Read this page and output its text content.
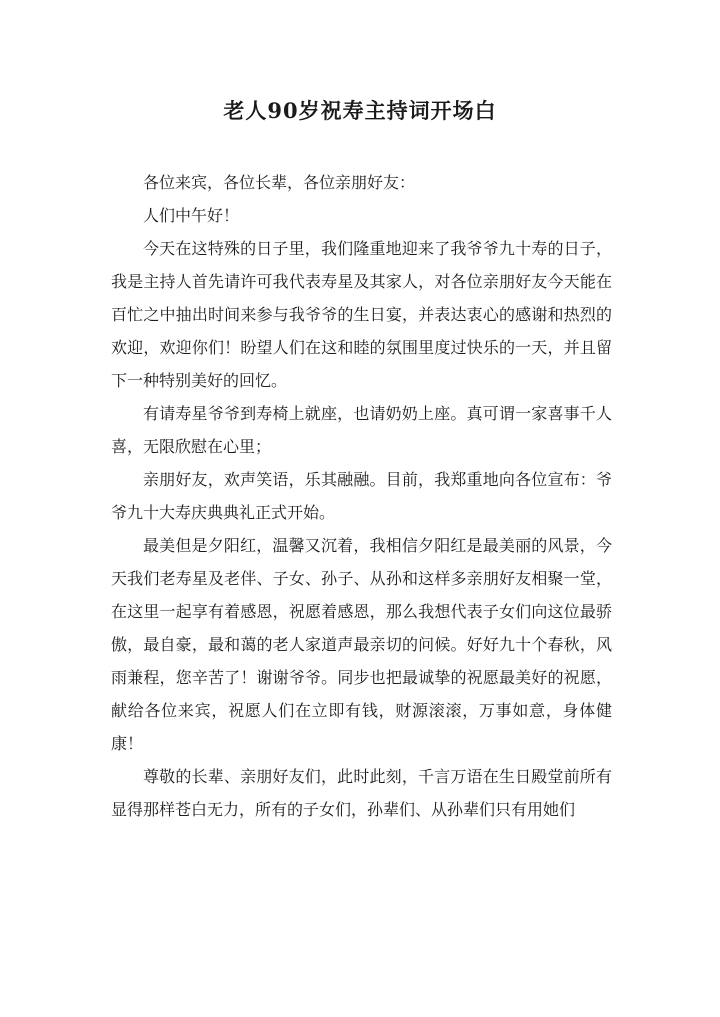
老人90岁祝寿主持词开场白

各位来宾，各位长辈，各位亲朋好友：

人们中午好！

今天在这特殊的日子里，我们隆重地迎来了我爷爷九十寿的日子，我是主持人首先请许可我代表寿星及其家人，对各位亲朋好友今天能在百忙之中抽出时间来参与我爷爷的生日宴，并表达衷心的感谢和热烈的欢迎，欢迎你们！盼望人们在这和睦的氛围里度过快乐的一天，并且留下一种特别美好的回忆。

有请寿星爷爷到寿椅上就座，也请奶奶上座。真可谓一家喜事千人喜，无限欣慰在心里；

亲朋好友，欢声笑语，乐其融融。目前，我郑重地向各位宣布：爷爷九十大寿庆典典礼正式开始。

最美但是夕阳红，温馨又沉着，我相信夕阳红是最美丽的风景，今天我们老寿星及老伴、子女、孙子、从孙和这样多亲朋好友相聚一堂，在这里一起享有着感恩，祝愿着感恩，那么我想代表子女们向这位最骄傲，最自豪，最和蔼的老人家道声最亲切的问候。好好九十个春秋，风雨兼程，您辛苦了！谢谢爷爷。同步也把最诚挚的祝愿最美好的祝愿，献给各位来宾，祝愿人们在立即有钱，财源滚滚，万事如意，身体健康！

尊敬的长辈、亲朋好友们，此时此刻，千言万语在生日殿堂前所有显得那样苍白无力，所有的子女们，孙辈们、从孙辈们只有用她们
